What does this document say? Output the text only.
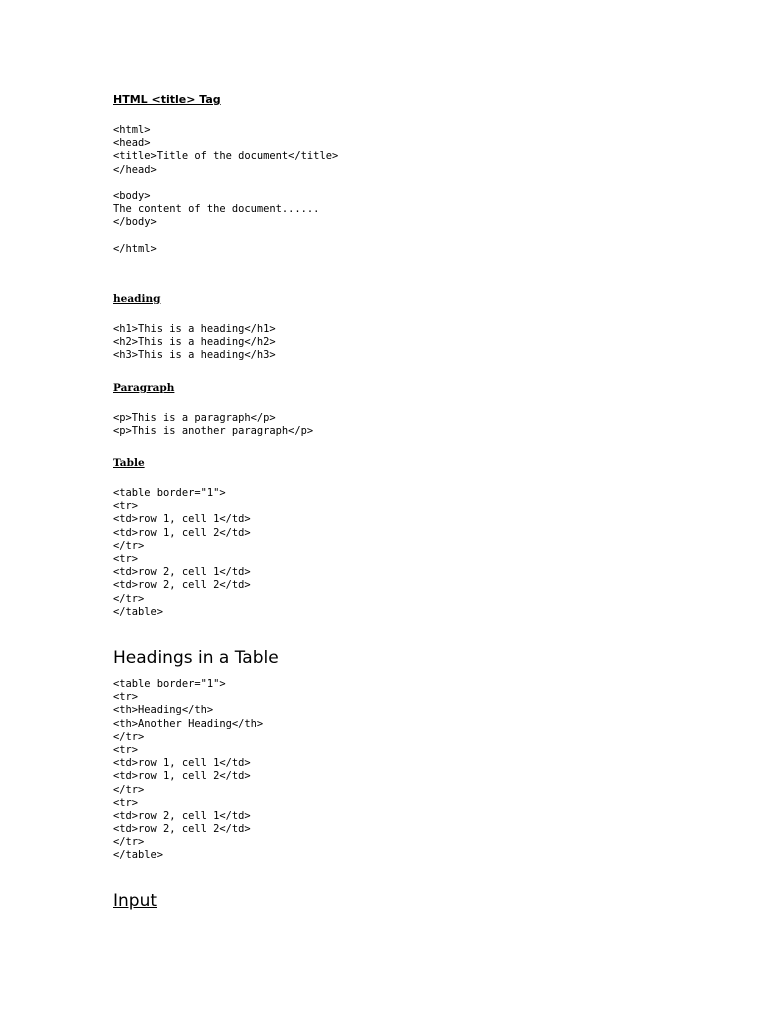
HTML <title> Tag
<html>
<head>
<title>Title of the document</title>
</head>
<body>
The content of the document......
</body>
</html>
heading
<h1>This is a heading</h1>
<h2>This is a heading</h2>
<h3>This is a heading</h3>
Paragraph
<p>This is a paragraph</p>
<p>This is another paragraph</p>
Table
<table border="1">
<tr>
<td>row 1, cell 1</td>
<td>row 1, cell 2</td>
</tr>
<tr>
<td>row 2, cell 1</td>
<td>row 2, cell 2</td>
</tr>
</table>
Headings in a Table
<table border="1">
<tr>
<th>Heading</th>
<th>Another Heading</th>
</tr>
<tr>
<td>row 1, cell 1</td>
<td>row 1, cell 2</td>
</tr>
<tr>
<td>row 2, cell 1</td>
<td>row 2, cell 2</td>
</tr>
</table>
Input
